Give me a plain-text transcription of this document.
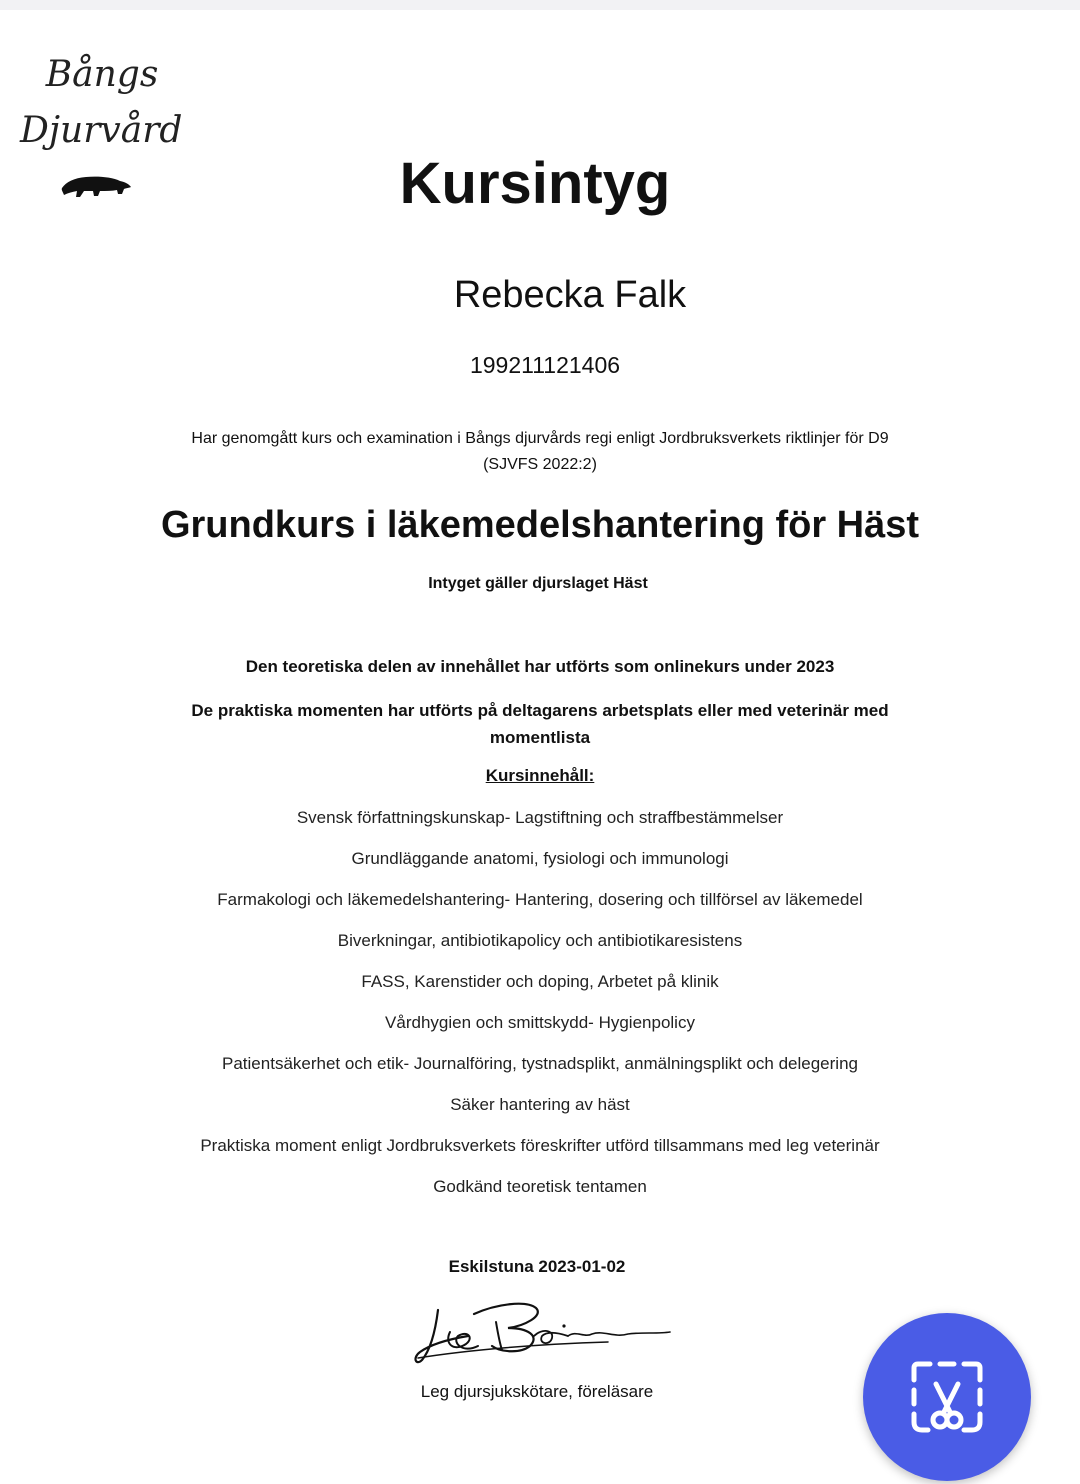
Bångs
Djurvård
Kursintyg
Rebecka Falk
199211121406
Har genomgått kurs och examination i Bångs djurvårds regi enligt Jordbruksverkets riktlinjer för D9
(SJVFS 2022:2)
Grundkurs i läkemedelshantering för Häst
Intyget gäller djurslaget Häst
Den teoretiska delen av innehållet har utförts som onlinekurs under 2023
De praktiska momenten har utförts på deltagarens arbetsplats eller med veterinär med
momentlista
Kursinnehåll:
Svensk författningskunskap- Lagstiftning och straffbestämmelser
Grundläggande anatomi, fysiologi och immunologi
Farmakologi och läkemedelshantering- Hantering, dosering och tillförsel av läkemedel
Biverkningar, antibiotikapolicy och antibiotikaresistens
FASS, Karenstider och doping, Arbetet på klinik
Vårdhygien och smittskydd- Hygienpolicy
Patientsäkerhet och etik- Journalföring, tystnadsplikt, anmälningsplikt och delegering
Säker hantering av häst
Praktiska moment enligt Jordbruksverkets föreskrifter utförd tillsammans med leg veterinär
Godkänd teoretisk tentamen
Eskilstuna 2023-01-02
Leg djursjukskötare, föreläsare
